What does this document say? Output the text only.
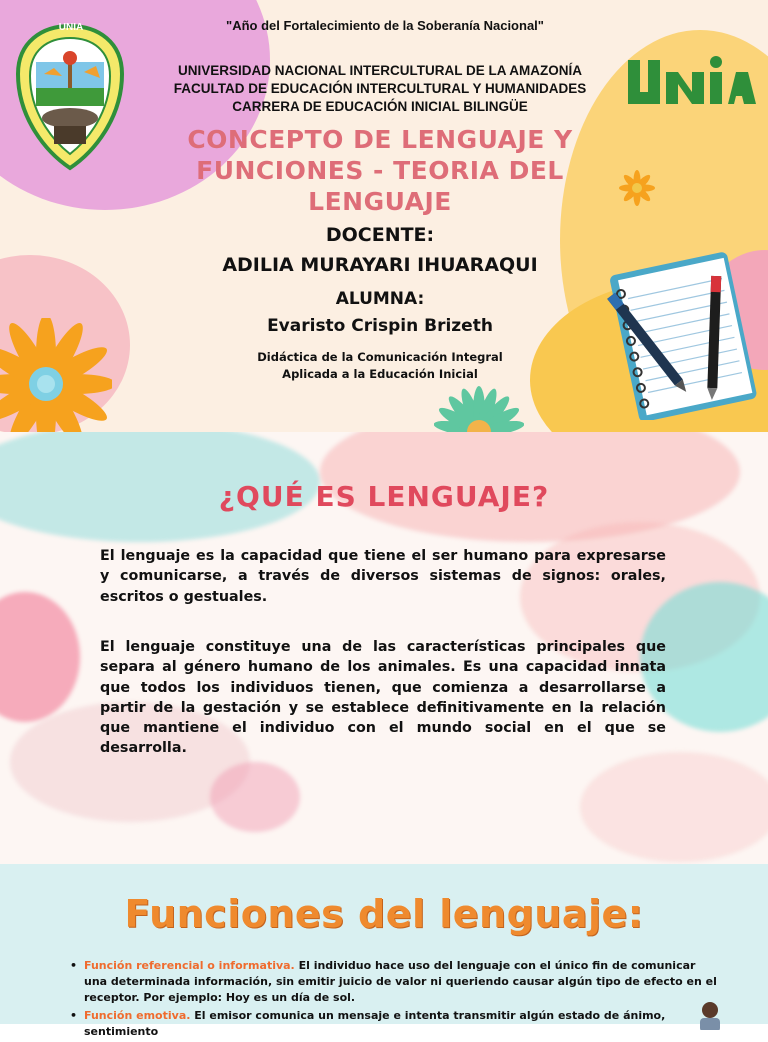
UNIA	"Año del Fortalecimiento de la Soberanía Nacional"
UNIVERSIDAD NACIONAL INTERCULTURAL DE LA AMAZONÍA
FACULTAD DE EDUCACIÓN INTERCULTURAL Y HUMANIDADES
CARRERA DE EDUCACIÓN INICIAL BILINGÜE
CONCEPTO DE LENGUAJE Y
FUNCIONES - TEORIA DEL
LENGUAJE
DOCENTE:
ADILIA MURAYARI IHUARAQUI
ALUMNA:
Evaristo Crispin Brizeth
Didáctica de la Comunicación Integral
Aplicada a la Educación Inicial
¿QUÉ ES LENGUAJE?

El lenguaje es la capacidad que tiene el ser humano para expresarse y comunicarse, a través de diversos sistemas de signos: orales, escritos o gestuales.

El lenguaje constituye una de las características principales que separa al género humano de los animales. Es una capacidad innata que todos los individuos tienen, que comienza a desarrollarse a partir de la gestación y se establece definitivamente en la relación que mantiene el individuo con el mundo social en el que se desarrolla.

Funciones del lenguaje:
• Función referencial o informativa. El individuo hace uso del lenguaje con el único fin de comunicar una determinada información, sin emitir juicio de valor ni queriendo causar algún tipo de efecto en el receptor. Por ejemplo: Hoy es un día de sol.
• Función emotiva. El emisor comunica un mensaje e intenta transmitir algún estado de ánimo, sentimiento
